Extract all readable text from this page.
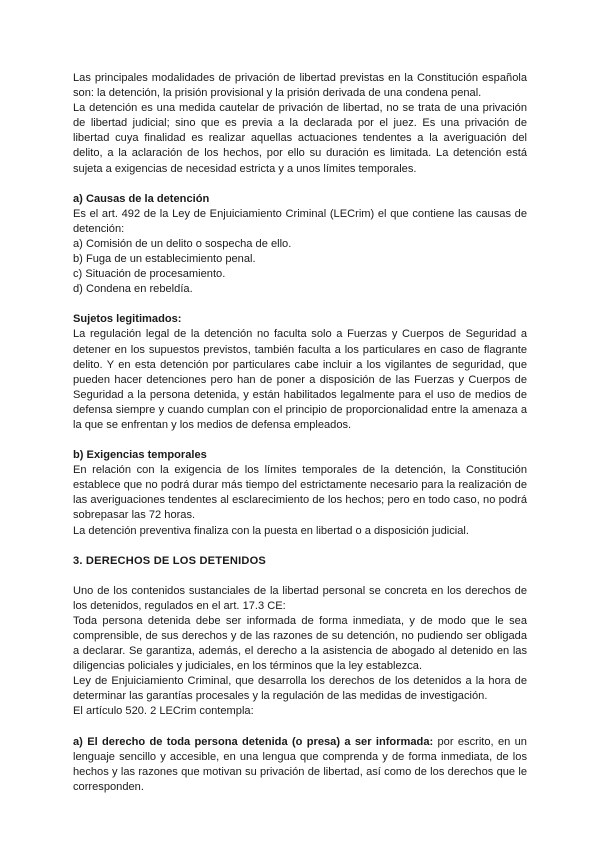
Las principales modalidades de privación de libertad previstas en la Constitución española son: la detención, la prisión provisional y la prisión derivada de una condena penal.

La detención es una medida cautelar de privación de libertad, no se trata de una privación de libertad judicial; sino que es previa a la declarada por el juez. Es una privación de libertad cuya finalidad es realizar aquellas actuaciones tendentes a la averiguación del delito, a la aclaración de los hechos, por ello su duración es limitada. La detención está sujeta a exigencias de necesidad estricta y a unos límites temporales.

a) Causas de la detención

Es el art. 492 de la Ley de Enjuiciamiento Criminal (LECrim) el que contiene las causas de detención:

a) Comisión de un delito o sospecha de ello.

b) Fuga de un establecimiento penal.

c) Situación de procesamiento.

d) Condena en rebeldía.

Sujetos legitimados:

La regulación legal de la detención no faculta solo a Fuerzas y Cuerpos de Seguridad a detener en los supuestos previstos, también faculta a los particulares en caso de flagrante delito. Y en esta detención por particulares cabe incluir a los vigilantes de seguridad, que pueden hacer detenciones pero han de poner a disposición de las Fuerzas y Cuerpos de Seguridad a la persona detenida, y están habilitados legalmente para el uso de medios de defensa siempre y cuando cumplan con el principio de proporcionalidad entre la amenaza a la que se enfrentan y los medios de defensa empleados.

b) Exigencias temporales

En relación con la exigencia de los límites temporales de la detención, la Constitución establece que no podrá durar más tiempo del estrictamente necesario para la realización de las averiguaciones tendentes al esclarecimiento de los hechos; pero en todo caso, no podrá sobrepasar las 72 horas.

La detención preventiva finaliza con la puesta en libertad o a disposición judicial.

3. DERECHOS DE LOS DETENIDOS

Uno de los contenidos sustanciales de la libertad personal se concreta en los derechos de los detenidos, regulados en el art. 17.3 CE:

Toda persona detenida debe ser informada de forma inmediata, y de modo que le sea comprensible, de sus derechos y de las razones de su detención, no pudiendo ser obligada a declarar. Se garantiza, además, el derecho a la asistencia de abogado al detenido en las diligencias policiales y judiciales, en los términos que la ley establezca.

Ley de Enjuiciamiento Criminal, que desarrolla los derechos de los detenidos a la hora de determinar las garantías procesales y la regulación de las medidas de investigación.

El artículo 520. 2 LECrim contempla:

a) El derecho de toda persona detenida (o presa) a ser informada: por escrito, en un lenguaje sencillo y accesible, en una lengua que comprenda y de forma inmediata, de los hechos y las razones que motivan su privación de libertad, así como de los derechos que le corresponden.
